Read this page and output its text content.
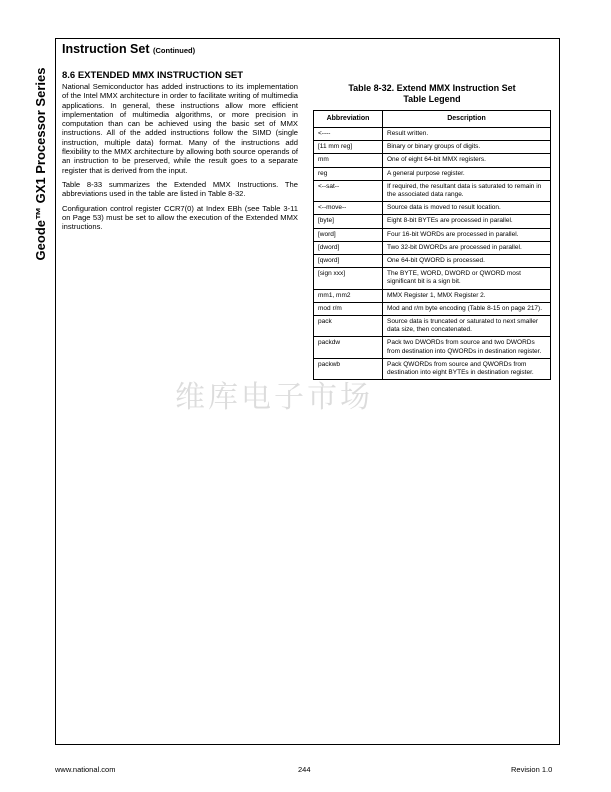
Geode™ GX1 Processor Series
Instruction Set (Continued)
8.6 EXTENDED MMX INSTRUCTION SET

National Semiconductor has added instructions to its implementation of the Intel MMX architecture in order to facilitate writing of multimedia applications. In general, these instructions allow more efficient implementation of multimedia algorithms, or more precision in computation than can be achieved using the basic set of MMX instructions. All of the added instructions follow the SIMD (single instruction, multiple data) format. Many of the instructions add flexibility to the MMX architecture by allowing both source operands of an instruction to be preserved, while the result goes to a separate register that is derived from the input.

Table 8-33 summarizes the Extended MMX Instructions. The abbreviations used in the table are listed in Table 8-32.

Configuration control register CCR7(0) at Index EBh (see Table 3-11 on Page 53) must be set to allow the execution of the Extended MMX instructions.

Table 8-32. Extend MMX Instruction Set
Table Legend
Abbreviation	Description
<----	Result written.
[11 mm reg]	Binary or binary groups of digits.
mm	One of eight 64-bit MMX registers.
reg	A general purpose register.
<--sat--	If required, the resultant data is saturated to remain in the associated data range.
<--move--	Source data is moved to result location.
[byte]	Eight 8-bit BYTEs are processed in parallel.
[word]	Four 16-bit WORDs are processed in parallel.
[dword]	Two 32-bit DWORDs are processed in parallel.
[qword]	One 64-bit QWORD is processed.
[sign xxx]	The BYTE, WORD, DWORD or QWORD most significant bit is a sign bit.
mm1, mm2	MMX Register 1, MMX Register 2.
mod r/m	Mod and r/m byte encoding (Table 8-15 on page 217).
pack	Source data is truncated or saturated to next smaller data size, then concatenated.
packdw	Pack two DWORDs from source and two DWORDs from destination into QWORDs in destination register.
packwb	Pack QWORDs from source and QWORDs from destination into eight BYTEs in destination register.
维库电子市场
www.national.com	244	Revision 1.0
